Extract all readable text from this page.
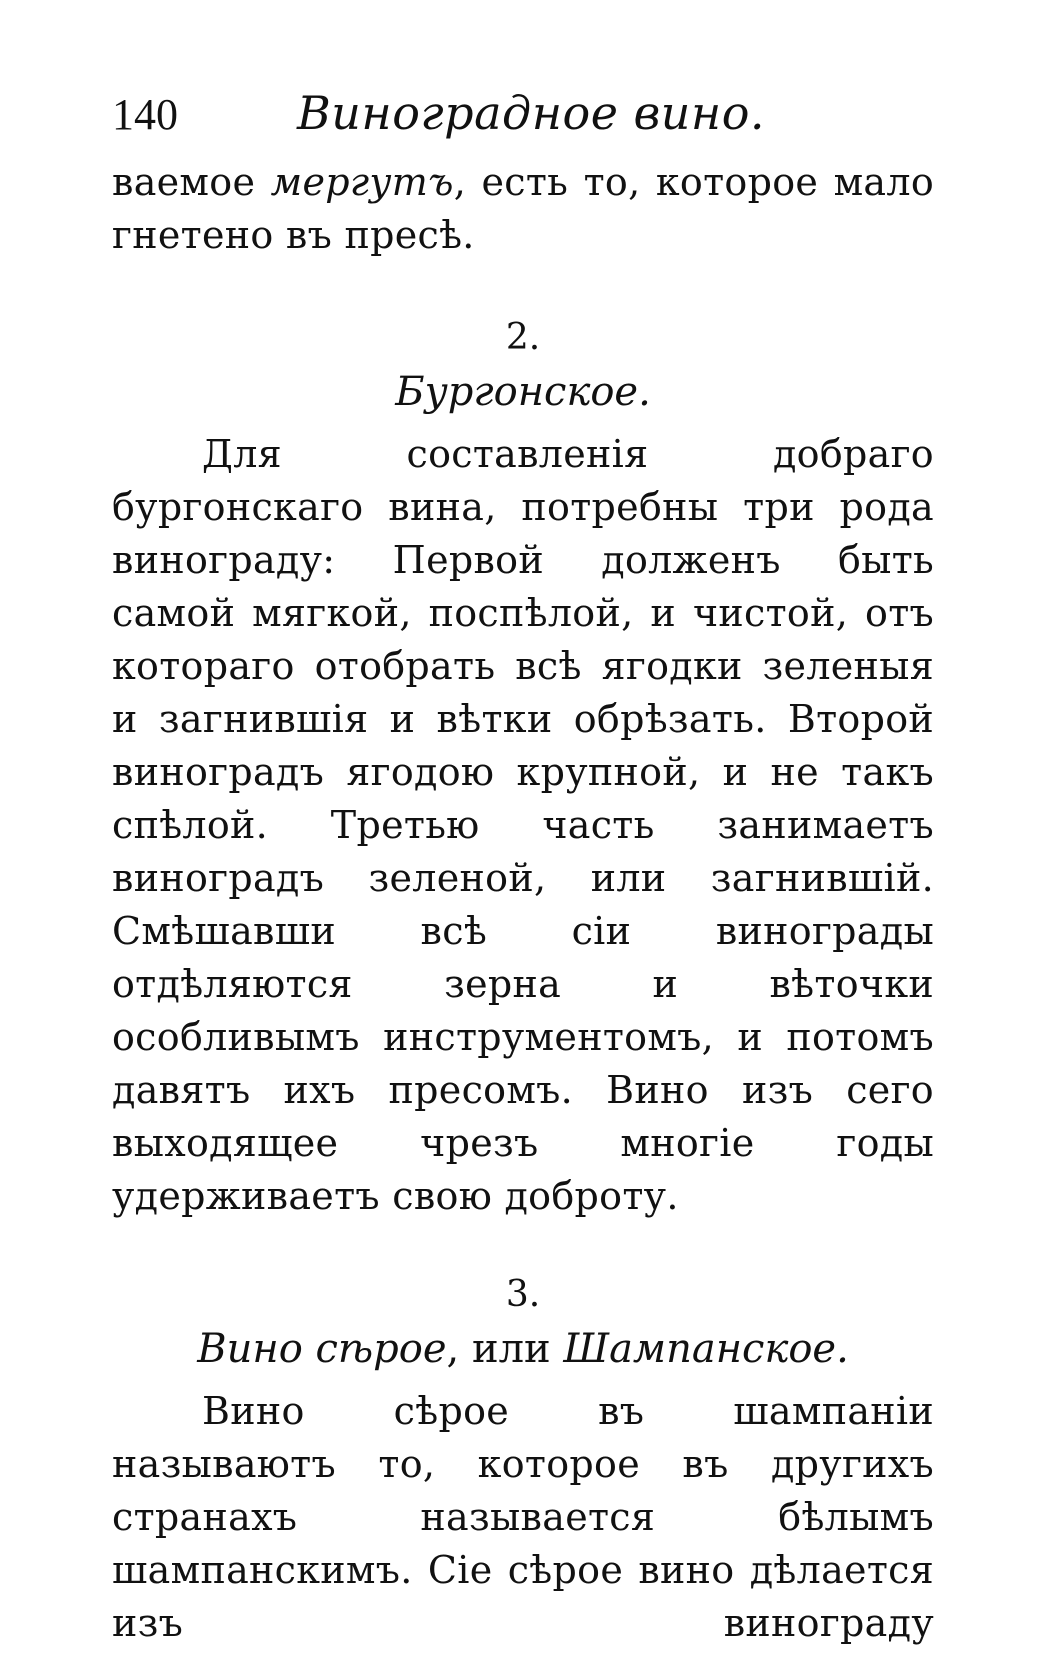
140	Виноградное вино.

ваемое мергутъ, есть то, которое мало гнетено въ пресѣ.

2.
Бургонское.

Для составленія добраго бургонскаго вина, потребны три рода винограду: Первой долженъ быть самой мягкой, поспѣлой, и чистой, отъ котораго отобрать всѣ ягодки зеленыя и загнившія и вѣтки обрѣзать. Второй виноградъ ягодою крупной, и не такъ спѣлой. Третью часть занимаетъ виноградъ зеленой, или загнившій. Смѣшавши всѣ сіи винограды отдѣляются зерна и вѣточки особливымъ инструментомъ, и потомъ давятъ ихъ пресомъ. Вино изъ сего выходящее чрезъ многіе годы удерживаетъ свою доброту.

3.
Вино сѣрое, или Шампанское.

Вино сѣрое въ шампаніи называютъ то, которое въ другихъ странахъ называется бѣлымъ шампанскимъ. Сіе сѣрое вино дѣлается изъ винограду
